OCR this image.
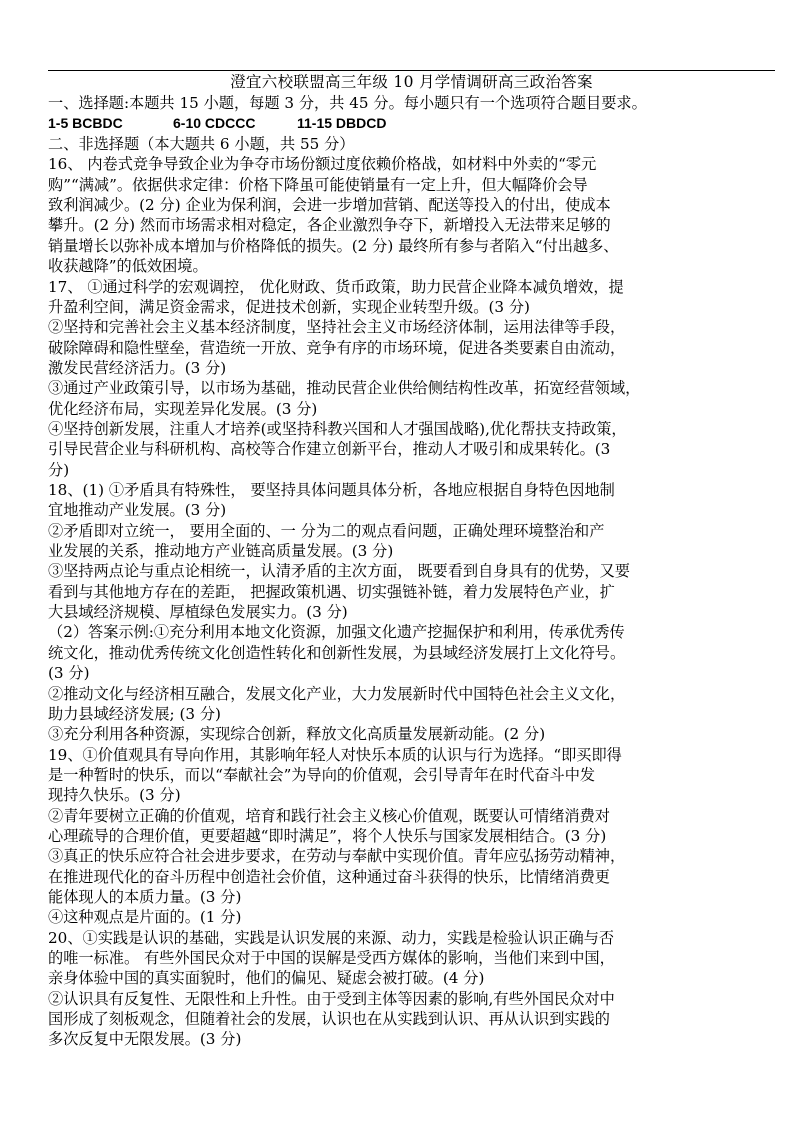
澄宜六校联盟高三年级 10 月学情调研高三政治答案
一、选择题:本题共 15 小题，每题 3 分，共 45 分。每小题只有一个选项符合题目要求。
1-5 BCBDC	6-10 CDCCC	11-15 DBDCD
二、非选择题（本大题共 6 小题，共 55 分）
16、 内卷式竞争导致企业为争夺市场份额过度依赖价格战，如材料中外卖的“零元
购”“满减”。依据供求定律：价格下降虽可能使销量有一定上升，但大幅降价会导
致利润减少。(2 分) 企业为保利润，会进一步增加营销、配送等投入的付出，使成本
攀升。(2 分) 然而市场需求相对稳定，各企业激烈争夺下，新增投入无法带来足够的
销量增长以弥补成本增加与价格降低的损失。(2 分) 最终所有参与者陷入“付出越多、
收获越降”的低效困境。
17、 ①通过科学的宏观调控， 优化财政、货币政策，助力民营企业降本减负增效，提
升盈利空间，满足资金需求，促进技术创新，实现企业转型升级。(3 分)
②坚持和完善社会主义基本经济制度，坚持社会主义市场经济体制，运用法律等手段，
破除障碍和隐性壁垒，营造统一开放、竞争有序的市场环境，促进各类要素自由流动，
激发民营经济活力。(3 分)
③通过产业政策引导，以市场为基础，推动民营企业供给侧结构性改革，拓宽经营领域，
优化经济布局，实现差异化发展。(3 分)
④坚持创新发展，注重人才培养(或坚持科教兴国和人才强国战略),优化帮扶支持政策，
引导民营企业与科研机构、高校等合作建立创新平台，推动人才吸引和成果转化。(3
分)
18、(1) ①矛盾具有特殊性， 要坚持具体问题具体分析，各地应根据自身特色因地制
宜地推动产业发展。(3 分)
②矛盾即对立统一， 要用全面的、一 分为二的观点看问题，正确处理环境整治和产
业发展的关系，推动地方产业链高质量发展。(3 分)
③坚持两点论与重点论相统一，认清矛盾的主次方面， 既要看到自身具有的优势，又要
看到与其他地方存在的差距， 把握政策机遇、切实强链补链，着力发展特色产业，扩
大县域经济规模、厚植绿色发展实力。(3 分)
（2）答案示例:①充分利用本地文化资源，加强文化遗产挖掘保护和利用，传承优秀传
统文化，推动优秀传统文化创造性转化和创新性发展，为县域经济发展打上文化符号。
(3 分)
②推动文化与经济相互融合，发展文化产业，大力发展新时代中国特色社会主义文化，
助力县域经济发展; (3 分)
③充分利用各种资源，实现综合创新，释放文化高质量发展新动能。(2 分)
19、①价值观具有导向作用，其影响年轻人对快乐本质的认识与行为选择。“即买即得
是一种暂时的快乐，而以“奉献社会”为导向的价值观，会引导青年在时代奋斗中发
现持久快乐。(3 分)
②青年要树立正确的价值观，培育和践行社会主义核心价值观，既要认可情绪消费对
心理疏导的合理价值，更要超越“即时满足”，将个人快乐与国家发展相结合。(3 分)
③真正的快乐应符合社会进步要求，在劳动与奉献中实现价值。青年应弘扬劳动精神，
在推进现代化的奋斗历程中创造社会价值，这种通过奋斗获得的快乐，比情绪消费更
能体现人的本质力量。(3 分)
④这种观点是片面的。(1 分)
20、①实践是认识的基础，实践是认识发展的来源、动力，实践是检验认识正确与否
的唯一标准。 有些外国民众对于中国的误解是受西方媒体的影响，当他们来到中国，
亲身体验中国的真实面貌时，他们的偏见、疑虑会被打破。(4 分)
②认识具有反复性、无限性和上升性。由于受到主体等因素的影响,有些外国民众对中
国形成了刻板观念，但随着社会的发展，认识也在从实践到认识、再从认识到实践的
多次反复中无限发展。(3 分)
